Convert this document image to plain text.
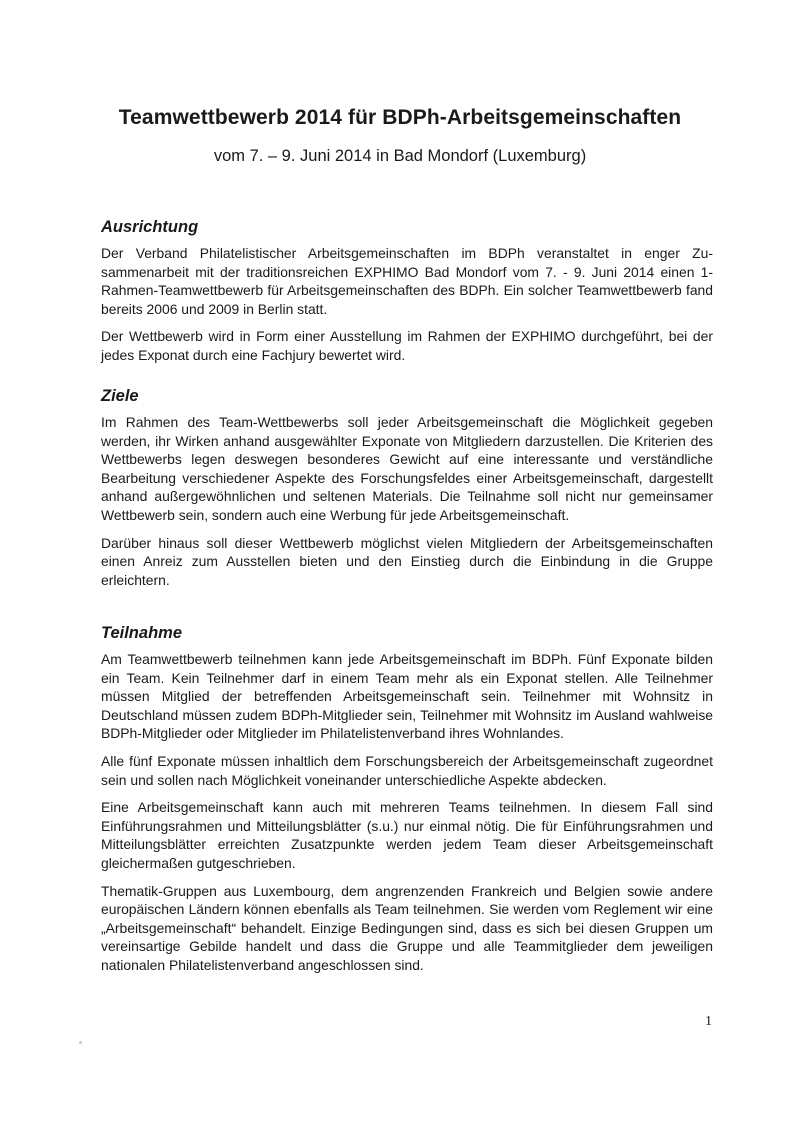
Teamwettbewerb 2014 für BDPh-Arbeitsgemeinschaften
vom 7. – 9. Juni 2014 in Bad Mondorf (Luxemburg)
Ausrichtung

Der Verband Philatelistischer Arbeitsgemeinschaften im BDPh veranstaltet in enger Zusammenarbeit mit der traditionsreichen EXPHIMO Bad Mondorf vom 7. - 9. Juni 2014 einen 1-Rahmen-Teamwettbewerb für Arbeitsgemeinschaften des BDPh. Ein solcher Teamwettbewerb fand bereits 2006 und 2009 in Berlin statt.

Der Wettbewerb wird in Form einer Ausstellung im Rahmen der EXPHIMO durchgeführt, bei der jedes Exponat durch eine Fachjury bewertet wird.

Ziele

Im Rahmen des Team-Wettbewerbs soll jeder Arbeitsgemeinschaft die Möglichkeit gegeben werden, ihr Wirken anhand ausgewählter Exponate von Mitgliedern darzustellen. Die Kriterien des Wettbewerbs legen deswegen besonderes Gewicht auf eine interessante und verständliche Bearbeitung verschiedener Aspekte des Forschungsfeldes einer Arbeitsgemeinschaft, dargestellt anhand außergewöhnlichen und seltenen Materials. Die Teilnahme soll nicht nur gemeinsamer Wettbewerb sein, sondern auch eine Werbung für jede Arbeitsgemeinschaft.

Darüber hinaus soll dieser Wettbewerb möglichst vielen Mitgliedern der Arbeitsgemeinschaften einen Anreiz zum Ausstellen bieten und den Einstieg durch die Einbindung in die Gruppe erleichtern.

Teilnahme

Am Teamwettbewerb teilnehmen kann jede Arbeitsgemeinschaft im BDPh. Fünf Exponate bilden ein Team. Kein Teilnehmer darf in einem Team mehr als ein Exponat stellen. Alle Teilnehmer müssen Mitglied der betreffenden Arbeitsgemeinschaft sein. Teilnehmer mit Wohnsitz in Deutschland müssen zudem BDPh-Mitglieder sein, Teilnehmer mit Wohnsitz im Ausland wahlweise BDPh-Mitglieder oder Mitglieder im Philatelistenverband ihres Wohnlandes.

Alle fünf Exponate müssen inhaltlich dem Forschungsbereich der Arbeitsgemeinschaft zugeordnet sein und sollen nach Möglichkeit voneinander unterschiedliche Aspekte abdecken.

Eine Arbeitsgemeinschaft kann auch mit mehreren Teams teilnehmen. In diesem Fall sind Einführungsrahmen und Mitteilungsblätter (s.u.) nur einmal nötig. Die für Einführungsrahmen und Mitteilungsblätter erreichten Zusatzpunkte werden jedem Team dieser Arbeitsgemeinschaft gleichermaßen gutgeschrieben.

Thematik-Gruppen aus Luxembourg, dem angrenzenden Frankreich und Belgien sowie andere europäischen Ländern können ebenfalls als Team teilnehmen. Sie werden vom Reglement wir eine „Arbeitsgemeinschaft“ behandelt. Einzige Bedingungen sind, dass es sich bei diesen Gruppen um vereinsartige Gebilde handelt und dass die Gruppe und alle Teammitglieder dem jeweiligen nationalen Philatelistenverband angeschlossen sind.

1
